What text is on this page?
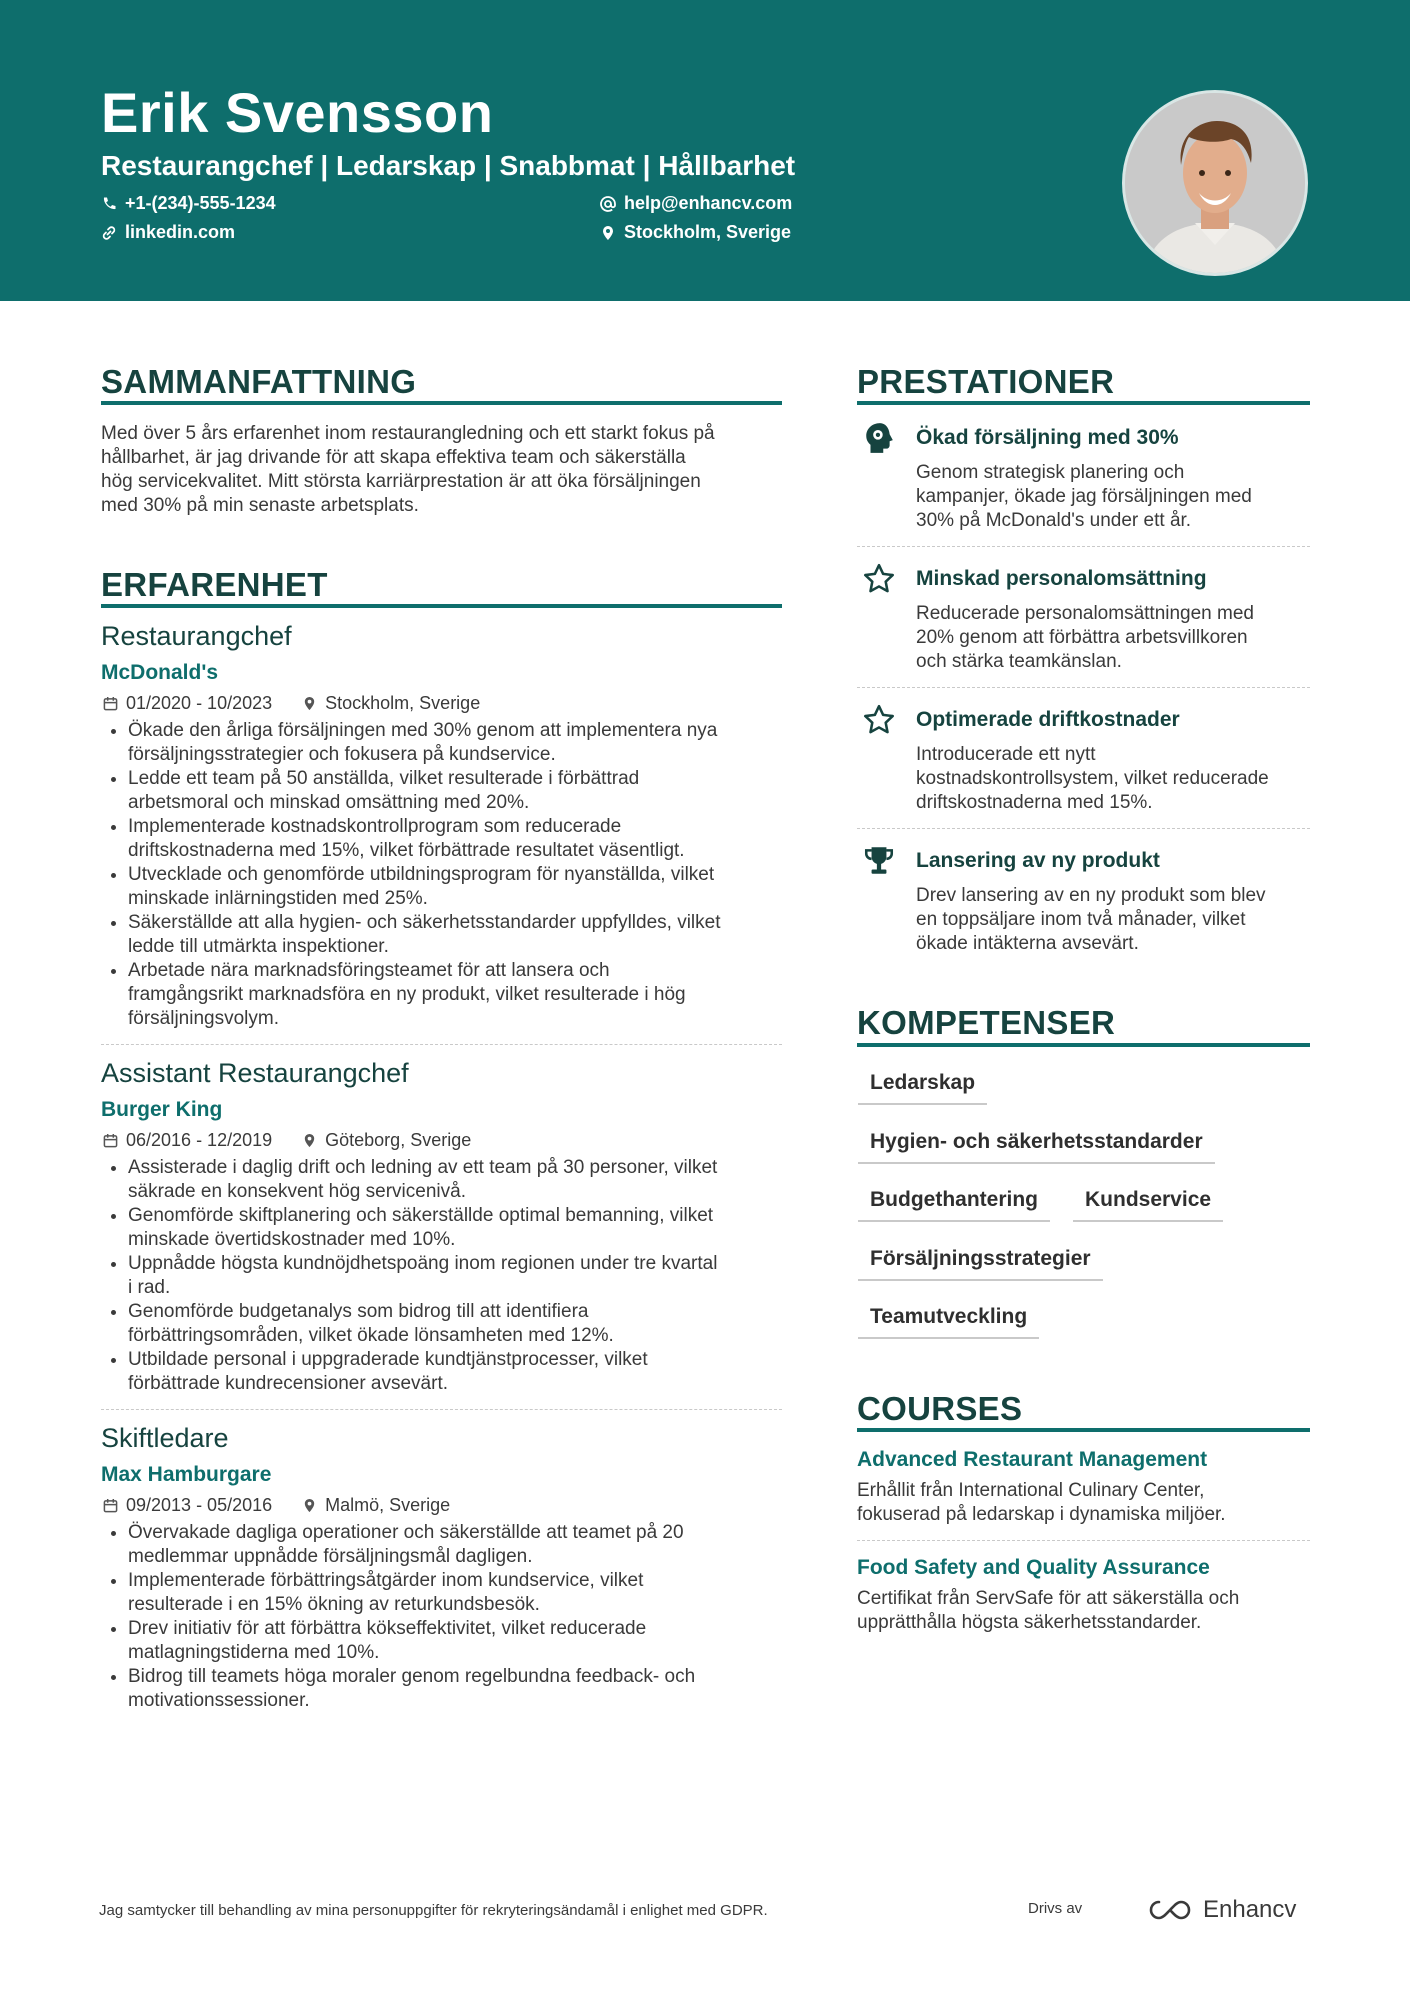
Erik Svensson
Restaurangchef | Ledarskap | Snabbmat | Hållbarhet
+1-(234)-555-1234	help@enhancv.com
linkedin.com	Stockholm, Sverige
SAMMANFATTNING
Med över 5 års erfarenhet inom restaurangledning och ett starkt fokus på
hållbarhet, är jag drivande för att skapa effektiva team och säkerställa
hög servicekvalitet. Mitt största karriärprestation är att öka försäljningen
med 30% på min senaste arbetsplats.
ERFARENHET
Restaurangchef
McDonald's
01/2020 - 10/2023	Stockholm, Sverige
• Ökade den årliga försäljningen med 30% genom att implementera nya
försäljningsstrategier och fokusera på kundservice.
• Ledde ett team på 50 anställda, vilket resulterade i förbättrad
arbetsmoral och minskad omsättning med 20%.
• Implementerade kostnadskontrollprogram som reducerade
driftskostnaderna med 15%, vilket förbättrade resultatet väsentligt.
• Utvecklade och genomförde utbildningsprogram för nyanställda, vilket
minskade inlärningstiden med 25%.
• Säkerställde att alla hygien- och säkerhetsstandarder uppfylldes, vilket
ledde till utmärkta inspektioner.
• Arbetade nära marknadsföringsteamet för att lansera och
framgångsrikt marknadsföra en ny produkt, vilket resulterade i hög
försäljningsvolym.
Assistant Restaurangchef
Burger King
06/2016 - 12/2019	Göteborg, Sverige
• Assisterade i daglig drift och ledning av ett team på 30 personer, vilket
säkrade en konsekvent hög servicenivå.
• Genomförde skiftplanering och säkerställde optimal bemanning, vilket
minskade övertidskostnader med 10%.
• Uppnådde högsta kundnöjdhetspoäng inom regionen under tre kvartal
i rad.
• Genomförde budgetanalys som bidrog till att identifiera
förbättringsområden, vilket ökade lönsamheten med 12%.
• Utbildade personal i uppgraderade kundtjänstprocesser, vilket
förbättrade kundrecensioner avsevärt.
Skiftledare
Max Hamburgare
09/2013 - 05/2016	Malmö, Sverige
• Övervakade dagliga operationer och säkerställde att teamet på 20
medlemmar uppnådde försäljningsmål dagligen.
• Implementerade förbättringsåtgärder inom kundservice, vilket
resulterade i en 15% ökning av returkundsbesök.
• Drev initiativ för att förbättra kökseffektivitet, vilket reducerade
matlagningstiderna med 10%.
• Bidrog till teamets höga moraler genom regelbundna feedback- och
motivationssessioner.
PRESTATIONER
Ökad försäljning med 30%
Genom strategisk planering och
kampanjer, ökade jag försäljningen med
30% på McDonald's under ett år.
Minskad personalomsättning
Reducerade personalomsättningen med
20% genom att förbättra arbetsvillkoren
och stärka teamkänslan.
Optimerade driftkostnader
Introducerade ett nytt
kostnadskontrollsystem, vilket reducerade
driftskostnaderna med 15%.
Lansering av ny produkt
Drev lansering av en ny produkt som blev
en toppsäljare inom två månader, vilket
ökade intäkterna avsevärt.
KOMPETENSER
Ledarskap
Hygien- och säkerhetsstandarder
Budgethantering	Kundservice
Försäljningsstrategier
Teamutveckling
COURSES
Advanced Restaurant Management
Erhållit från International Culinary Center,
fokuserad på ledarskap i dynamiska miljöer.
Food Safety and Quality Assurance
Certifikat från ServSafe för att säkerställa och
upprätthålla högsta säkerhetsstandarder.
Jag samtycker till behandling av mina personuppgifter för rekryteringsändamål i enlighet med GDPR.	Drivs av	Enhancv
